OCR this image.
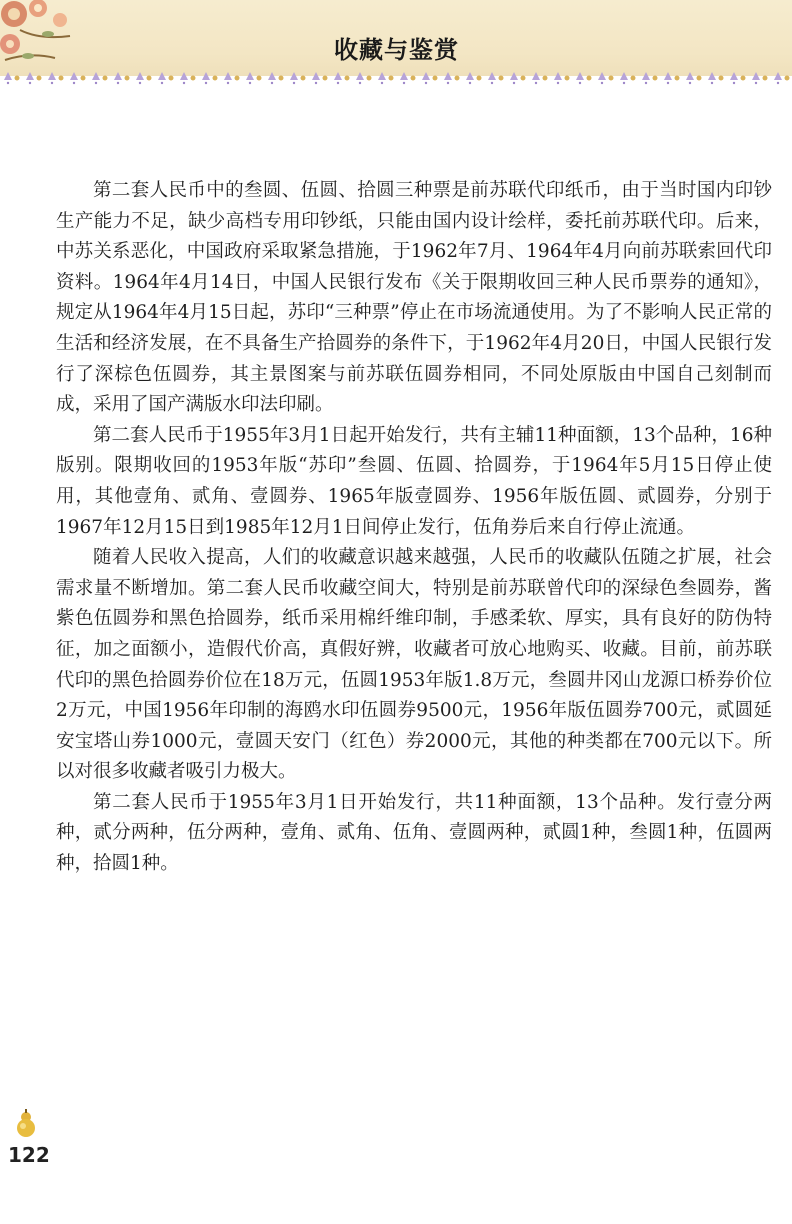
收藏与鉴赏

第二套人民币中的叁圆、伍圆、拾圆三种票是前苏联代印纸币，由于当时国内印钞生产能力不足，缺少高档专用印钞纸，只能由国内设计绘样，委托前苏联代印。后来，中苏关系恶化，中国政府采取紧急措施，于1962年7月、1964年4月向前苏联索回代印资料。1964年4月14日，中国人民银行发布《关于限期收回三种人民币票券的通知》，规定从1964年4月15日起，苏印“三种票”停止在市场流通使用。为了不影响人民正常的生活和经济发展，在不具备生产拾圆券的条件下，于1962年4月20日，中国人民银行发行了深棕色伍圆券，其主景图案与前苏联伍圆券相同，不同处原版由中国自己刻制而成，采用了国产满版水印法印刷。

第二套人民币于1955年3月1日起开始发行，共有主辅11种面额，13个品种，16种版别。限期收回的1953年版“苏印”叁圆、伍圆、拾圆券，于1964年5月15日停止使用，其他壹角、贰角、壹圆券、1965年版壹圆券、1956年版伍圆、贰圆券，分别于1967年12月15日到1985年12月1日间停止发行，伍角券后来自行停止流通。

随着人民收入提高，人们的收藏意识越来越强，人民币的收藏队伍随之扩展，社会需求量不断增加。第二套人民币收藏空间大，特别是前苏联曾代印的深绿色叁圆券，酱紫色伍圆券和黑色拾圆券，纸币采用棉纤维印制，手感柔软、厚实，具有良好的防伪特征，加之面额小，造假代价高，真假好辨，收藏者可放心地购买、收藏。目前，前苏联代印的黑色拾圆券价位在18万元，伍圆1953年版1.8万元，叁圆井冈山龙源口桥券价位2万元，中国1956年印制的海鸥水印伍圆券9500元，1956年版伍圆券700元，贰圆延安宝塔山券1000元，壹圆天安门（红色）券2000元，其他的种类都在700元以下。所以对很多收藏者吸引力极大。

第二套人民币于1955年3月1日开始发行，共11种面额，13个品种。发行壹分两种，贰分两种，伍分两种，壹角、贰角、伍角、壹圆两种，贰圆1种，叁圆1种，伍圆两种，拾圆1种。

122
